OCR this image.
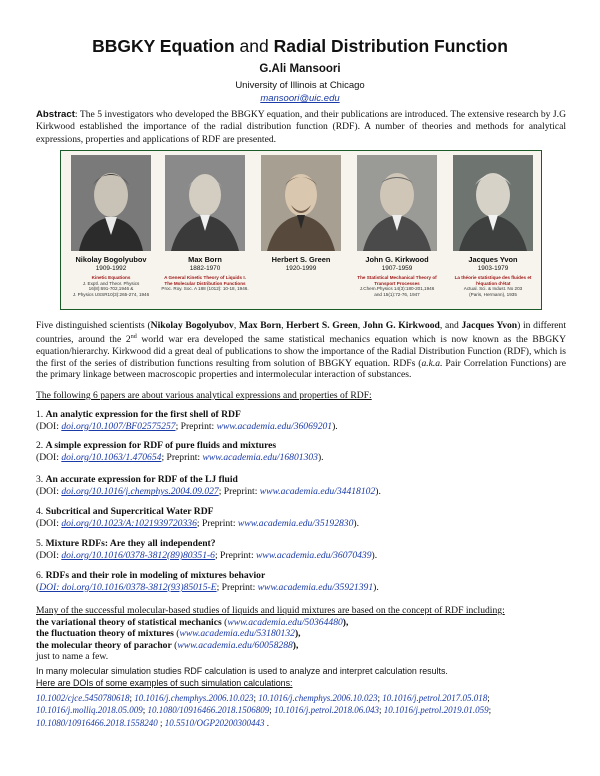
BBGKY Equation and Radial Distribution Function
G.Ali Mansoori
University of Illinois at Chicago
mansoori@uic.edu
Abstract: The 5 investigators who developed the BBGKY equation, and their publications are introduced. The extensive research by J.G Kirkwood established the importance of the radial distribution function (RDF). A number of theories and methods for analytical expressions, properties and applications of RDF are presented.
Nikolay Bogolyubov
1909-1992
Kinetic Equations
J. Exptl. and Theor. Physics
16(8):691-702,1946 &
J. Physics USSR10(3):265-274, 1946
Max Born
1882-1970
A General Kinetic Theory of Liquids I. The Molecular Distribution Functions
Proc. Roy. Soc. A 188 (1012): 10-18, 1946.
Herbert S. Green
1920-1999
John G. Kirkwood
1907-1959
The Statistical Mechanical Theory of Transport Processes
J.Chem.Physics 14(3):180-201,1946
and 15(1):72-76, 1947
Jacques Yvon
1903-1979
La théorie statistique des fluides et l'équation d'état
Actual. Sci. & Indust. No 203
(Paris, Hermann), 1935
Five distinguished scientists (Nikolay Bogolyubov, Max Born, Herbert S. Green, John G. Kirkwood, and Jacques Yvon) in different countries, around the 2nd world war era developed the same statistical mechanics equation which is now known as the BBGKY equation/hierarchy. Kirkwood did a great deal of publications to show the importance of the Radial Distribution Function (RDF), which is the first of the series of distribution functions resulting from solution of BBGKY equation. RDFs (a.k.a. Pair Correlation Functions) are the primary linkage between macroscopic properties and intermolecular interaction of substances.
The following 6 papers are about various analytical expressions and properties of RDF:
1. An analytic expression for the first shell of RDF
(DOI: doi.org/10.1007/BF02575257; Preprint: www.academia.edu/36069201).
2. A simple expression for RDF of pure fluids and mixtures
(DOI: doi.org/10.1063/1.470654; Preprint: www.academia.edu/16801303).
3. An accurate expression for RDF of the LJ fluid
(DOI: doi.org/10.1016/j.chemphys.2004.09.027; Preprint: www.academia.edu/34418102).
4. Subcritical and Supercritical Water RDF
(DOI: doi.org/10.1023/A:1021939720336; Preprint: www.academia.edu/35192830).
5. Mixture RDFs: Are they all independent?
(DOI: doi.org/10.1016/0378-3812(89)80351-6; Preprint: www.academia.edu/36070439).
6. RDFs and their role in modeling of mixtures behavior
(DOI: doi.org/10.1016/0378-3812(93)85015-E; Preprint: www.academia.edu/35921391).
Many of the successful molecular-based studies of liquids and liquid mixtures are based on the concept of RDF including:
the variational theory of statistical mechanics (www.academia.edu/50364480),
the fluctuation theory of mixtures (www.academia.edu/53180132),
the molecular theory of parachor (www.academia.edu/60058288),
just to name a few.
In many molecular simulation studies RDF calculation is used to analyze and interpret calculation results.
Here are DOIs of some examples of such simulation calculations:
10.1002/cjce.5450780618; 10.1016/j.chemphys.2006.10.023; 10.1016/j.chemphys.2006.10.023; 10.1016/j.petrol.2017.05.018;
10.1016/j.molliq.2018.05.009; 10.1080/10916466.2018.1506809; 10.1016/j.petrol.2018.06.043; 10.1016/j.petrol.2019.01.059;
10.1080/10916466.2018.1558240 ; 10.5510/OGP20200300443 .
